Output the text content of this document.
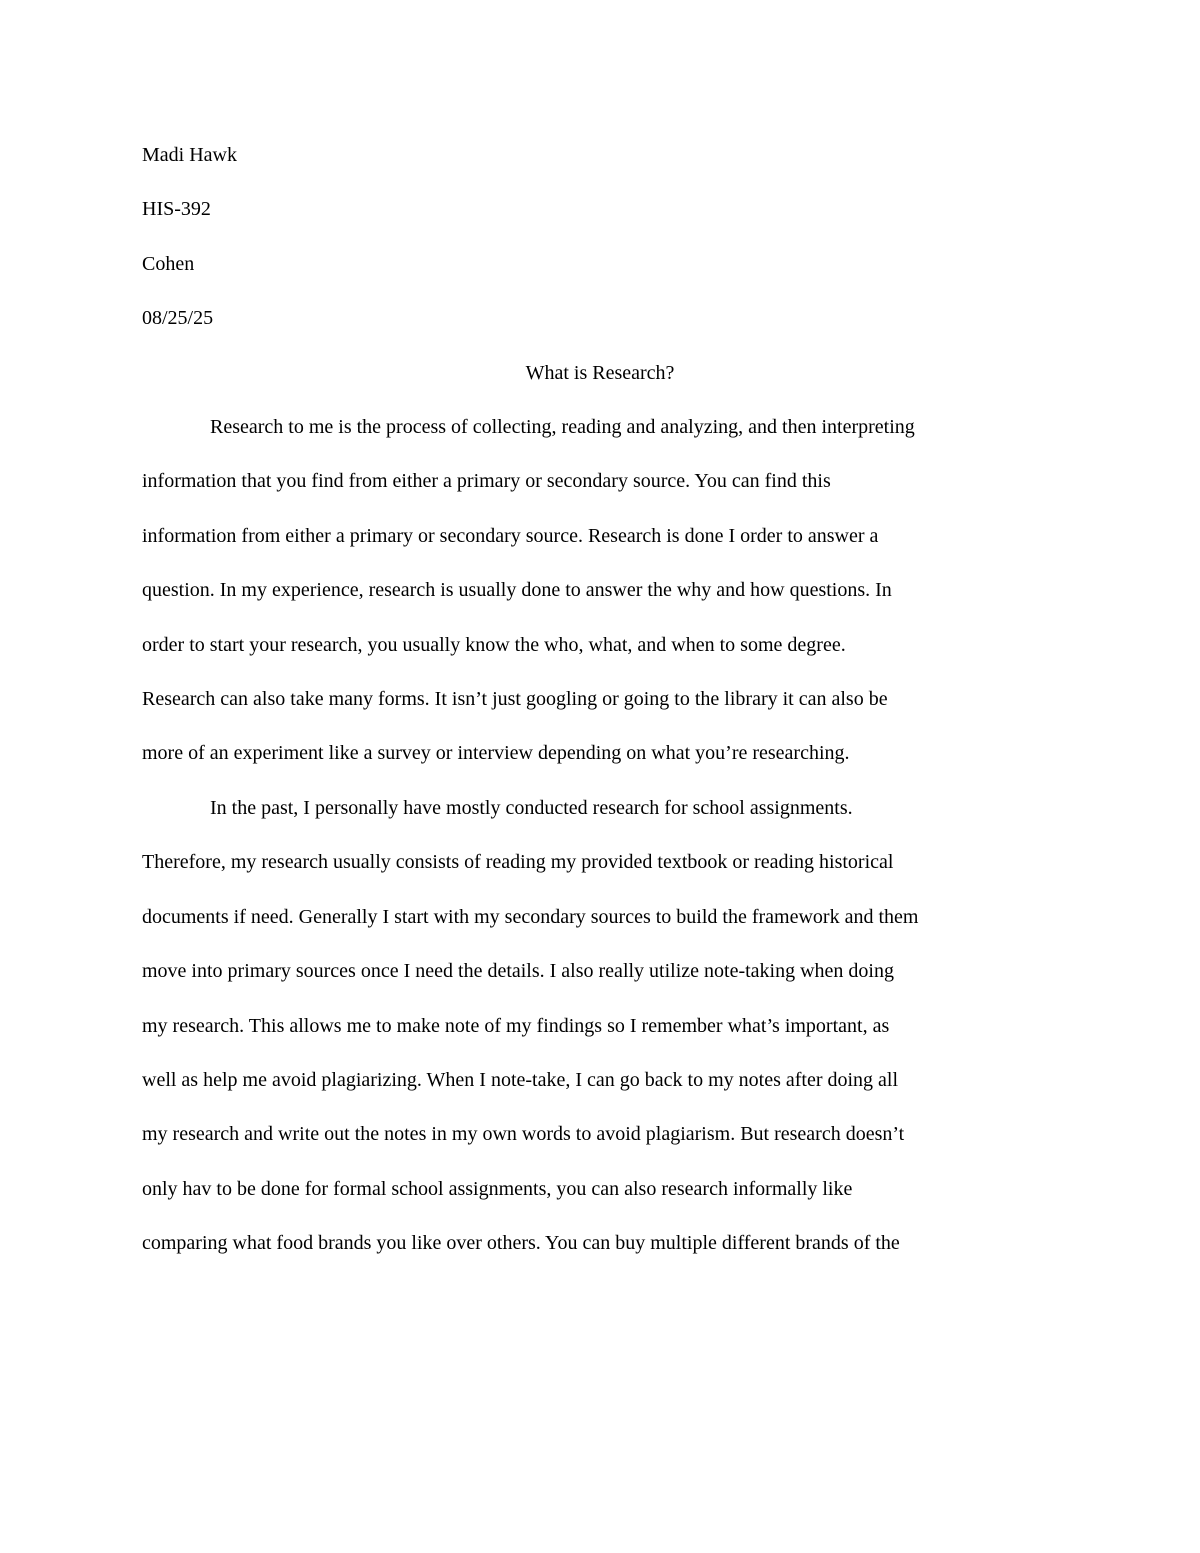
Madi Hawk

HIS-392

Cohen

08/25/25

What is Research?

Research to me is the process of collecting, reading and analyzing, and then interpreting
information that you find from either a primary or secondary source. You can find this
information from either a primary or secondary source. Research is done I order to answer a
question. In my experience, research is usually done to answer the why and how questions. In
order to start your research, you usually know the who, what, and when to some degree.
Research can also take many forms. It isn’t just googling or going to the library it can also be
more of an experiment like a survey or interview depending on what you’re researching.
In the past, I personally have mostly conducted research for school assignments.
Therefore, my research usually consists of reading my provided textbook or reading historical
documents if need. Generally I start with my secondary sources to build the framework and them
move into primary sources once I need the details. I also really utilize note-taking when doing
my research. This allows me to make note of my findings so I remember what’s important, as
well as help me avoid plagiarizing. When I note-take, I can go back to my notes after doing all
my research and write out the notes in my own words to avoid plagiarism. But research doesn’t
only hav to be done for formal school assignments, you can also research informally like
comparing what food brands you like over others. You can buy multiple different brands of the
